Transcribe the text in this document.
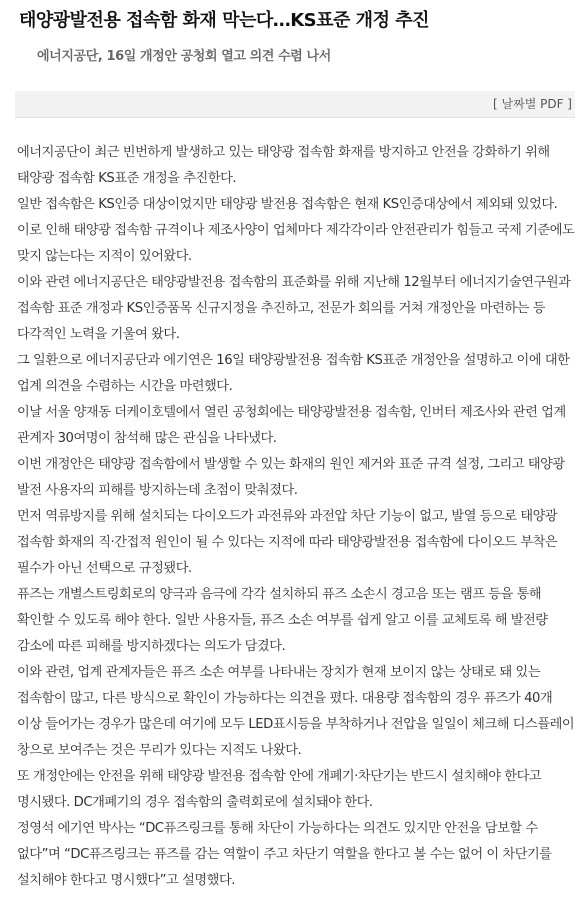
태양광발전용 접속함 화재 막는다…KS표준 개정 추진
에너지공단, 16일 개정안 공청회 열고 의견 수렴 나서
[ 날짜별 PDF ]

에너지공단이 최근 빈번하게 발생하고 있는 태양광 접속함 화재를 방지하고 안전을 강화하기 위해 태양광 접속함 KS표준 개정을 추진한다.

일반 접속함은 KS인증 대상이었지만 태양광 발전용 접속함은 현재 KS인증대상에서 제외돼 있었다. 이로 인해 태양광 접속함 규격이나 제조사양이 업체마다 제각각이라 안전관리가 힘들고 국제 기준에도 맞지 않는다는 지적이 있어왔다.

이와 관련 에너지공단은 태양광발전용 접속함의 표준화를 위해 지난해 12월부터 에너지기술연구원과 접속함 표준 개정과 KS인증품목 신규지정을 추진하고, 전문가 회의를 거쳐 개정안을 마련하는 등 다각적인 노력을 기울여 왔다.

그 일환으로 에너지공단과 에기연은 16일 태양광발전용 접속함 KS표준 개정안을 설명하고 이에 대한 업계 의견을 수렴하는 시간을 마련했다.

이날 서울 양재동 더케이호텔에서 열린 공청회에는 태양광발전용 접속함, 인버터 제조사와 관련 업계 관계자 30여명이 참석해 많은 관심을 나타냈다.

이번 개정안은 태양광 접속함에서 발생할 수 있는 화재의 원인 제거와 표준 규격 설정, 그리고 태양광 발전 사용자의 피해를 방지하는데 초점이 맞춰졌다.

먼저 역류방지를 위해 설치되는 다이오드가 과전류와 과전압 차단 기능이 없고, 발열 등으로 태양광 접속함 화재의 직·간접적 원인이 될 수 있다는 지적에 따라 태양광발전용 접속함에 다이오드 부착은 필수가 아닌 선택으로 규정됐다.

퓨즈는 개별스트링회로의 양극과 음극에 각각 설치하되 퓨즈 소손시 경고음 또는 램프 등을 통해 확인할 수 있도록 해야 한다. 일반 사용자들, 퓨즈 소손 여부를 쉽게 알고 이를 교체토록 해 발전량 감소에 따른 피해를 방지하겠다는 의도가 담겼다.

이와 관련, 업계 관계자들은 퓨즈 소손 여부를 나타내는 장치가 현재 보이지 않는 상태로 돼 있는 접속함이 많고, 다른 방식으로 확인이 가능하다는 의견을 폈다. 대용량 접속함의 경우 퓨즈가 40개 이상 들어가는 경우가 많은데 여기에 모두 LED표시등을 부착하거나 전압을 일일이 체크해 디스플레이 창으로 보여주는 것은 무리가 있다는 지적도 나왔다.

또 개정안에는 안전을 위해 태양광 발전용 접속함 안에 개폐기·차단기는 반드시 설치해야 한다고 명시됐다. DC개폐기의 경우 접속함의 출력회로에 설치돼야 한다.

정영석 에기연 박사는 “DC퓨즈링크를 통해 차단이 가능하다는 의견도 있지만 안전을 담보할 수 없다”며 “DC퓨즈링크는 퓨즈를 감는 역할이 주고 차단기 역할을 한다고 볼 수는 없어 이 차단기를 설치해야 한다고 명시했다”고 설명했다.
